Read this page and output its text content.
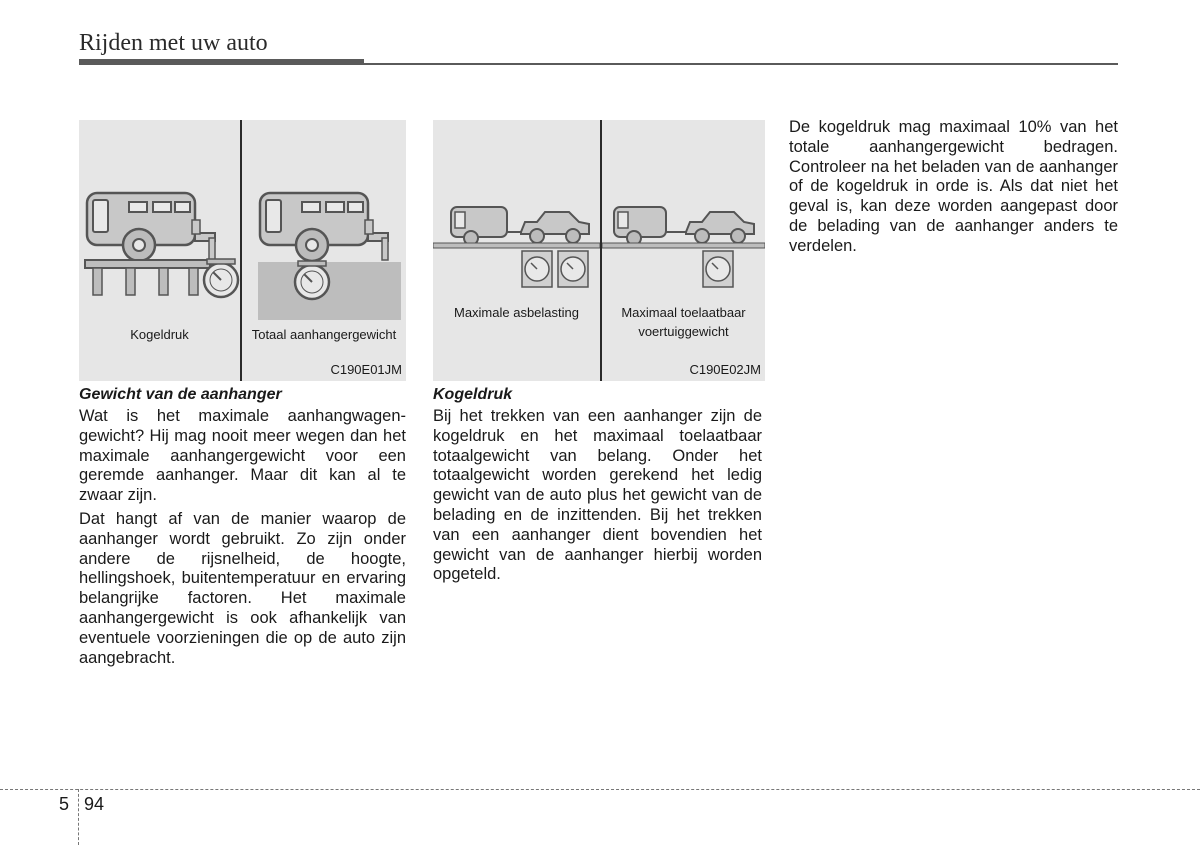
Rijden met uw auto
Kogeldruk	Totaal aanhangergewicht
C190E01JM
Maximale asbelasting	Maximaal toelaatbaar
voertuiggewicht
C190E02JM
Gewicht van de aanhanger

Wat is het maximale aanhangwagen-gewicht? Hij mag nooit meer wegen dan het maximale aanhangergewicht voor een geremde aanhanger. Maar dit kan al te zwaar zijn.

Dat hangt af van de manier waarop de aanhanger wordt gebruikt. Zo zijn onder andere de rijsnelheid, de hoogte, hellingshoek, buitentemperatuur en ervaring belangrijke factoren. Het maximale aanhangergewicht is ook afhankelijk van eventuele voorzieningen die op de auto zijn aangebracht.

Kogeldruk

Bij het trekken van een aanhanger zijn de kogeldruk en het maximaal toelaatbaar totaalgewicht van belang. Onder het totaalgewicht worden gerekend het ledig gewicht van de auto plus het gewicht van de belading en de inzittenden. Bij het trekken van een aanhanger dient bovendien het gewicht van de aanhanger hierbij worden opgeteld.

De kogeldruk mag maximaal 10% van het totale aanhangergewicht bedragen. Controleer na het beladen van de aanhanger of de kogeldruk in orde is. Als dat niet het geval is, kan deze worden aangepast door de belading van de aanhanger anders te verdelen.

5 94
